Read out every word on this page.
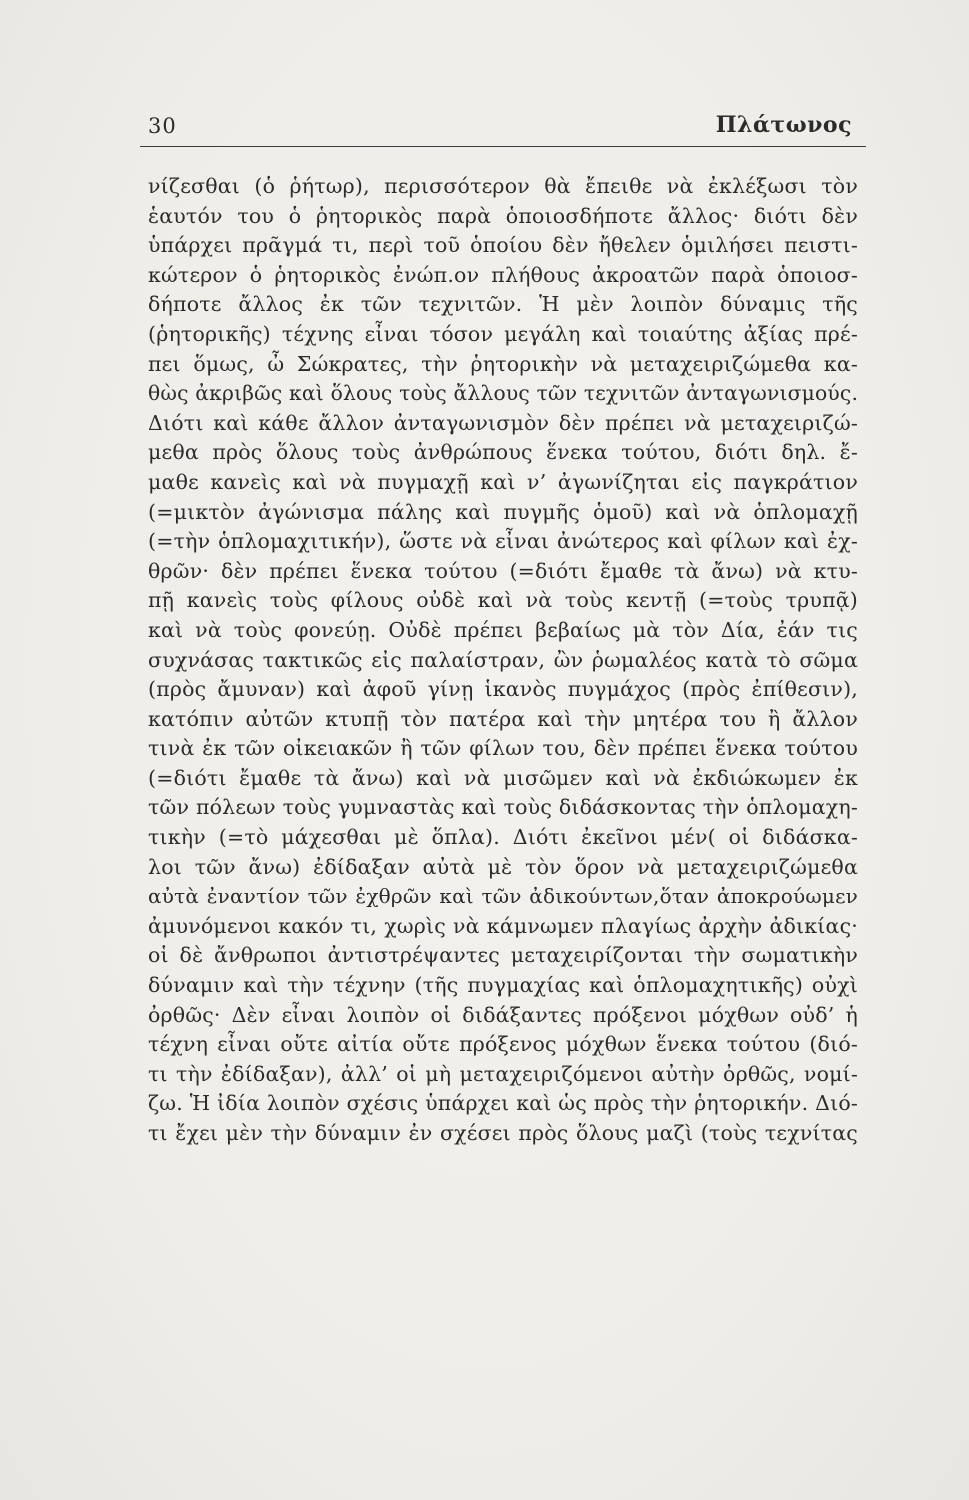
30	Πλάτωνος
νίζεσθαι (ὁ ῥήτωρ), περισσότερον θὰ ἔπειθε νὰ ἐκλέξωσι τὸν
ἑαυτόν του ὁ ῥητορικὸς παρὰ ὁποιοσδήποτε ἄλλος· διότι δὲν
ὑπάρχει πρᾶγμά τι, περὶ τοῦ ὁποίου δὲν ἤθελεν ὁμιλήσει πειστι-
κώτερον ὁ ῥητορικὸς ἐνώπ.ον πλήθους ἀκροατῶν παρὰ ὁποιοσ-
δήποτε ἄλλος ἐκ τῶν τεχνιτῶν. Ἡ μὲν λοιπὸν δύναμις τῆς
(ῥητορικῆς) τέχνης εἶναι τόσον μεγάλη καὶ τοιαύτης ἀξίας πρέ-
πει ὅμως, ὦ Σώκρατες, τὴν ῥητορικὴν νὰ μεταχειριζώμεθα κα-
θὼς ἀκριβῶς καὶ ὅλους τοὺς ἄλλους τῶν τεχνιτῶν ἀνταγωνισμούς.
Διότι καὶ κάθε ἄλλον ἀνταγωνισμὸν δὲν πρέπει νὰ μεταχειριζώ-
μεθα πρὸς ὅλους τοὺς ἀνθρώπους ἕνεκα τούτου, διότι δηλ. ἔ-
μαθε κανεὶς καὶ νὰ πυγμαχῇ καὶ ν’ ἀγωνίζηται εἰς παγκράτιον
(=μικτὸν ἀγώνισμα πάλης καὶ πυγμῆς ὁμοῦ) καὶ νὰ ὁπλομαχῇ
(=τὴν ὁπλομαχιτικήν), ὥστε νὰ εἶναι ἀνώτερος καὶ φίλων καὶ ἐχ-
θρῶν· δὲν πρέπει ἕνεκα τούτου (=διότι ἔμαθε τὰ ἄνω) νὰ κτυ-
πῇ κανεὶς τοὺς φίλους οὐδὲ καὶ νὰ τοὺς κεντῇ (=τοὺς τρυπᾷ)
καὶ νὰ τοὺς φονεύῃ. Οὐδὲ πρέπει βεβαίως μὰ τὸν Δία, ἐάν τις
συχνάσας τακτικῶς εἰς παλαίστραν, ὢν ῥωμαλέος κατὰ τὸ σῶμα
(πρὸς ἄμυναν) καὶ ἀφοῦ γίνῃ ἱκανὸς πυγμάχος (πρὸς ἐπίθεσιν),
κατόπιν αὐτῶν κτυπῇ τὸν πατέρα καὶ τὴν μητέρα του ἢ ἄλλον
τινὰ ἐκ τῶν οἰκειακῶν ἢ τῶν φίλων του, δὲν πρέπει ἕνεκα τούτου
(=διότι ἔμαθε τὰ ἄνω) καὶ νὰ μισῶμεν καὶ νὰ ἐκδιώκωμεν ἐκ
τῶν πόλεων τοὺς γυμναστὰς καὶ τοὺς διδάσκοντας τὴν ὁπλομαχη-
τικὴν (=τὸ μάχεσθαι μὲ ὅπλα). Διότι ἐκεῖνοι μέν( οἱ διδάσκα-
λοι τῶν ἄνω) ἐδίδαξαν αὐτὰ μὲ τὸν ὅρον νὰ μεταχειριζώμεθα
αὐτὰ ἐναντίον τῶν ἐχθρῶν καὶ τῶν ἀδικούντων,ὅταν ἀποκρούωμεν
ἀμυνόμενοι κακόν τι, χωρὶς νὰ κάμνωμεν πλαγίως ἀρχὴν ἀδικίας·
οἱ δὲ ἄνθρωποι ἀντιστρέψαντες μεταχειρίζονται τὴν σωματικὴν
δύναμιν καὶ τὴν τέχνην (τῆς πυγμαχίας καὶ ὁπλομαχητικῆς) οὐχὶ
ὀρθῶς· Δὲν εἶναι λοιπὸν οἱ διδάξαντες πρόξενοι μόχθων οὐδ’ ἡ
τέχνη εἶναι οὔτε αἰτία οὔτε πρόξενος μόχθων ἕνεκα τούτου (διό-
τι τὴν ἐδίδαξαν), ἀλλ’ οἱ μὴ μεταχειριζόμενοι αὐτὴν ὀρθῶς, νομί-
ζω. Ἡ ἰδία λοιπὸν σχέσις ὑπάρχει καὶ ὡς πρὸς τὴν ῥητορικήν. Διό-
τι ἔχει μὲν τὴν δύναμιν ἐν σχέσει πρὸς ὅλους μαζὶ (τοὺς τεχνίτας
